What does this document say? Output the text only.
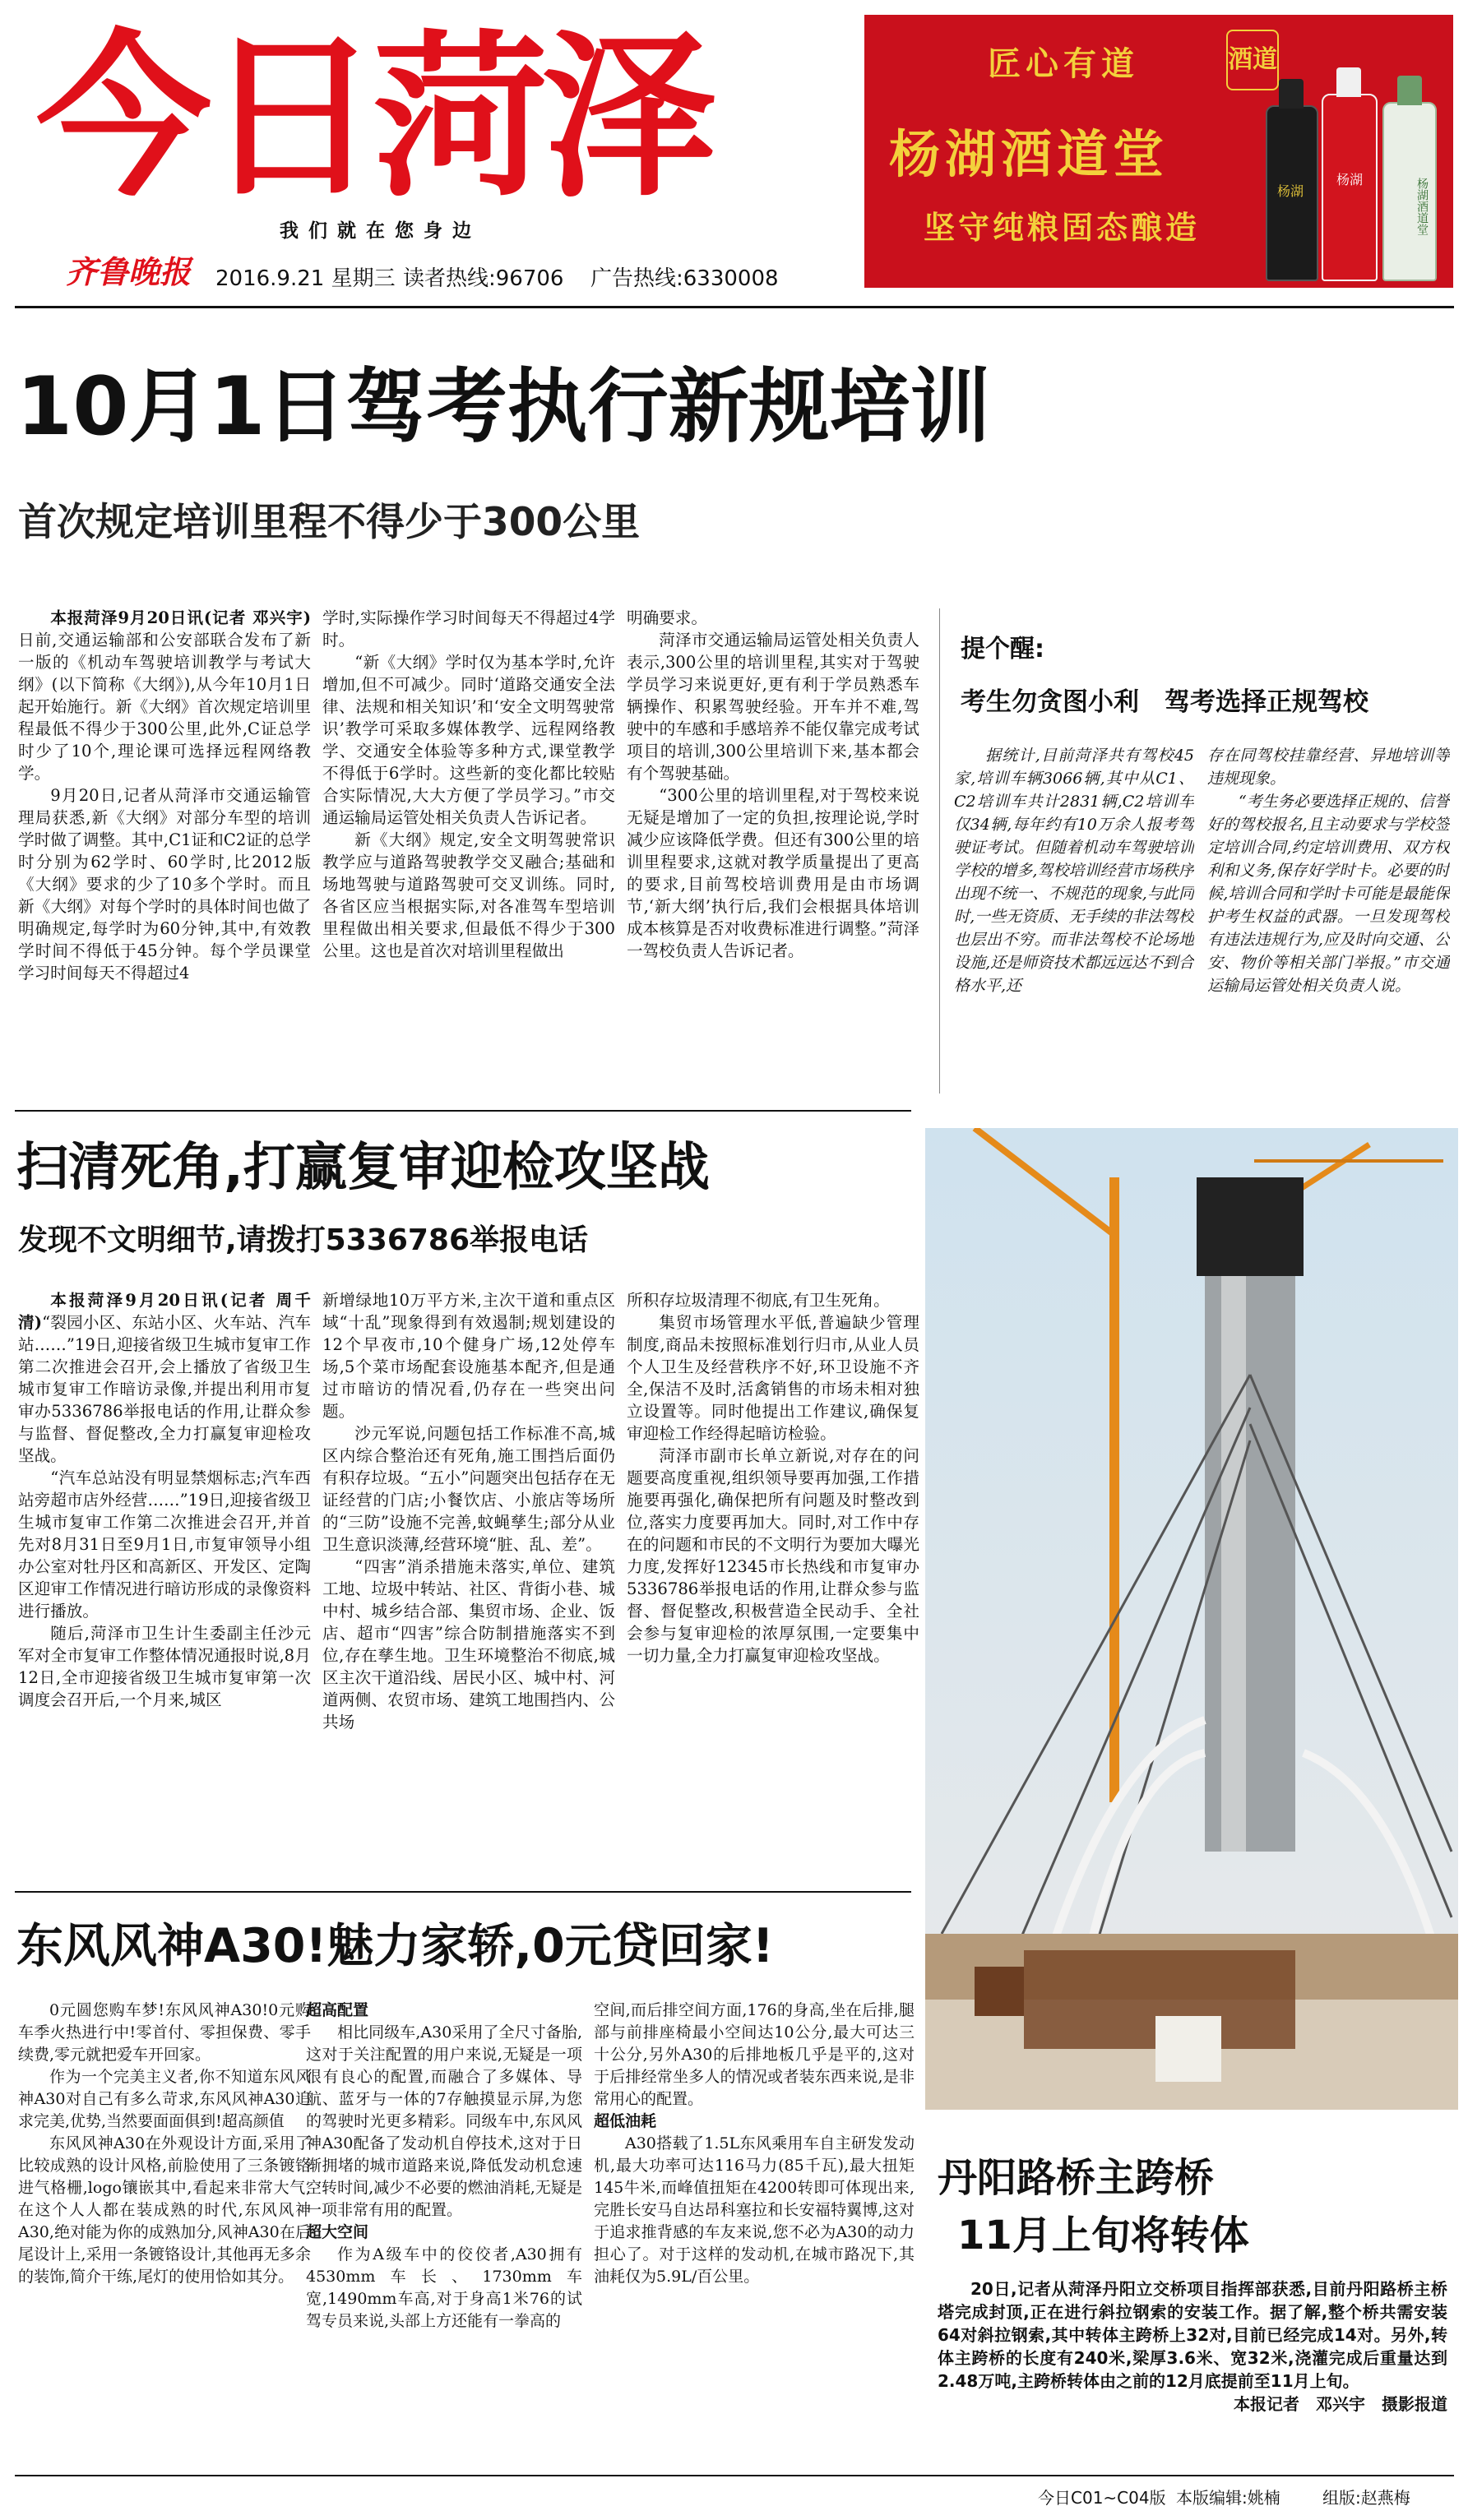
今日菏泽
我 们 就 在 您 身 边
齐鲁晚报 2016.9.21 星期三 读者热线:96706 广告热线:6330008
匠心有道
杨湖酒道堂
坚守纯粮固态酿造
酒道
杨湖
杨湖	杨湖酒道堂
10月1日驾考执行新规培训
首次规定培训里程不得少于300公里

本报菏泽9月20日讯(记者 邓兴宇)日前,交通运输部和公安部联合发布了新一版的《机动车驾驶培训教学与考试大纲》(以下简称《大纲》),从今年10月1日起开始施行。新《大纲》首次规定培训里程最低不得少于300公里,此外,C证总学时少了10个,理论课可选择远程网络教学。

9月20日,记者从菏泽市交通运输管理局获悉,新《大纲》对部分车型的培训学时做了调整。其中,C1证和C2证的总学时分别为62学时、60学时,比2012版《大纲》要求的少了10多个学时。而且新《大纲》对每个学时的具体时间也做了明确规定,每学时为60分钟,其中,有效教学时间不得低于45分钟。每个学员课堂学习时间每天不得超过4

学时,实际操作学习时间每天不得超过4学时。

“新《大纲》学时仅为基本学时,允许增加,但不可减少。同时‘道路交通安全法律、法规和相关知识’和‘安全文明驾驶常识’教学可采取多媒体教学、远程网络教学、交通安全体验等多种方式,课堂教学不得低于6学时。这些新的变化都比较贴合实际情况,大大方便了学员学习。”市交通运输局运管处相关负责人告诉记者。

新《大纲》规定,安全文明驾驶常识教学应与道路驾驶教学交叉融合;基础和场地驾驶与道路驾驶可交叉训练。同时,各省区应当根据实际,对各准驾车型培训里程做出相关要求,但最低不得少于300公里。这也是首次对培训里程做出

明确要求。

菏泽市交通运输局运管处相关负责人表示,300公里的培训里程,其实对于驾驶学员学习来说更好,更有利于学员熟悉车辆操作、积累驾驶经验。开车并不难,驾驶中的车感和手感培养不能仅靠完成考试项目的培训,300公里培训下来,基本都会有个驾驶基础。

“300公里的培训里程,对于驾校来说无疑是增加了一定的负担,按理论说,学时减少应该降低学费。但还有300公里的培训里程要求,这就对教学质量提出了更高的要求,目前驾校培训费用是由市场调节,‘新大纲’执行后,我们会根据具体培训成本核算是否对收费标准进行调整。”菏泽一驾校负责人告诉记者。

提个醒:
考生勿贪图小利　驾考选择正规驾校

据统计,目前菏泽共有驾校45家,培训车辆3066辆,其中从C1、C2培训车共计2831辆,C2培训车仅34辆,每年约有10万余人报考驾驶证考试。但随着机动车驾驶培训学校的增多,驾校培训经营市场秩序出现不统一、不规范的现象,与此同时,一些无资质、无手续的非法驾校也层出不穷。而非法驾校不论场地设施,还是师资技术都远远达不到合格水平,还

存在同驾校挂靠经营、异地培训等违规现象。

“考生务必要选择正规的、信誉好的驾校报名,且主动要求与学校签定培训合同,约定培训费用、双方权利和义务,保存好学时卡。必要的时候,培训合同和学时卡可能是最能保护考生权益的武器。一旦发现驾校有违法违规行为,应及时向交通、公安、物价等相关部门举报。”市交通运输局运管处相关负责人说。

扫清死角,打赢复审迎检攻坚战
发现不文明细节,请拨打5336786举报电话

本报菏泽9月20日讯(记者 周千清)“裂园小区、东站小区、火车站、汽车站……”19日,迎接省级卫生城市复审工作第二次推进会召开,会上播放了省级卫生城市复审工作暗访录像,并提出利用市复审办5336786举报电话的作用,让群众参与监督、督促整改,全力打赢复审迎检攻坚战。

“汽车总站没有明显禁烟标志;汽车西站旁超市店外经营……”19日,迎接省级卫生城市复审工作第二次推进会召开,并首先对8月31日至9月1日,市复审领导小组办公室对牡丹区和高新区、开发区、定陶区迎审工作情况进行暗访形成的录像资料进行播放。

随后,菏泽市卫生计生委副主任沙元军对全市复审工作整体情况通报时说,8月12日,全市迎接省级卫生城市复审第一次调度会召开后,一个月来,城区

新增绿地10万平方米,主次干道和重点区域“十乱”现象得到有效遏制;规划建设的12个早夜市,10个健身广场,12处停车场,5个菜市场配套设施基本配齐,但是通过市暗访的情况看,仍存在一些突出问题。

沙元军说,问题包括工作标准不高,城区内综合整治还有死角,施工围挡后面仍有积存垃圾。“五小”问题突出包括存在无证经营的门店;小餐饮店、小旅店等场所的“三防”设施不完善,蚊蝇孳生;部分从业卫生意识淡薄,经营环境“脏、乱、差”。

“四害”消杀措施未落实,单位、建筑工地、垃圾中转站、社区、背街小巷、城中村、城乡结合部、集贸市场、企业、饭店、超市“四害”综合防制措施落实不到位,存在孳生地。卫生环境整治不彻底,城区主次干道沿线、居民小区、城中村、河道两侧、农贸市场、建筑工地围挡内、公共场

所积存垃圾清理不彻底,有卫生死角。

集贸市场管理水平低,普遍缺少管理制度,商品未按照标准划行归市,从业人员个人卫生及经营秩序不好,环卫设施不齐全,保洁不及时,活禽销售的市场未相对独立设置等。同时他提出工作建议,确保复审迎检工作经得起暗访检验。

菏泽市副市长单立新说,对存在的问题要高度重视,组织领导要再加强,工作措施要再强化,确保把所有问题及时整改到位,落实力度要再加大。同时,对工作中存在的问题和市民的不文明行为要加大曝光力度,发挥好12345市长热线和市复审办5336786举报电话的作用,让群众参与监督、督促整改,积极营造全民动手、全社会参与复审迎检的浓厚氛围,一定要集中一切力量,全力打赢复审迎检攻坚战。

丹阳路桥主跨桥
11月上旬将转体
东风风神A30!魅力家轿,0元贷回家!

0元圆您购车梦!东风风神A30!0元购车季火热进行中!零首付、零担保费、零手续费,零元就把爱车开回家。

作为一个完美主义者,你不知道东风风神A30对自己有多么苛求,东风风神A30追求完美,优势,当然要面面俱到!超高颜值

东风风神A30在外观设计方面,采用了比较成熟的设计风格,前脸使用了三条镀铬进气格栅,logo镶嵌其中,看起来非常大气,在这个人人都在装成熟的时代,东风风神A30,绝对能为你的成熟加分,风神A30在后尾设计上,采用一条镀铬设计,其他再无多余的装饰,简介干练,尾灯的使用恰如其分。

超高配置

相比同级车,A30采用了全尺寸备胎,这对于关注配置的用户来说,无疑是一项很有良心的配置,而融合了多媒体、导航、蓝牙与一体的7存触摸显示屏,为您的驾驶时光更多精彩。同级车中,东风风神A30配备了发动机自停技术,这对于日渐拥堵的城市道路来说,降低发动机怠速空转时间,减少不必要的燃油消耗,无疑是一项非常有用的配置。

超大空间

作为A级车中的佼佼者,A30拥有4530mm车长、1730mm车宽,1490mm车高,对于身高1米76的试驾专员来说,头部上方还能有一拳高的

空间,而后排空间方面,176的身高,坐在后排,腿部与前排座椅最小空间达10公分,最大可达三十公分,另外A30的后排地板几乎是平的,这对于后排经常坐多人的情况或者装东西来说,是非常用心的配置。

超低油耗

A30搭载了1.5L东风乘用车自主研发发动机,最大功率可达116马力(85千瓦),最大扭矩145牛米,而峰值扭矩在4200转即可体现出来,完胜长安马自达昂科塞拉和长安福特翼博,这对于追求推背感的车友来说,您不必为A30的动力担心了。对于这样的发动机,在城市路况下,其油耗仅为5.9L/百公里。

20日,记者从菏泽丹阳立交桥项目指挥部获悉,目前丹阳路桥主桥塔完成封顶,正在进行斜拉钢索的安装工作。据了解,整个桥共需安装64对斜拉钢索,其中转体主跨桥上32对,目前已经完成14对。另外,转体主跨桥的长度有240米,梁厚3.6米、宽32米,浇灌完成后重量达到2.48万吨,主跨桥转体由之前的12月底提前至11月上旬。

本报记者　邓兴宇　摄影报道

今日C01~C04版 本版编辑:姚楠	组版:赵燕梅
